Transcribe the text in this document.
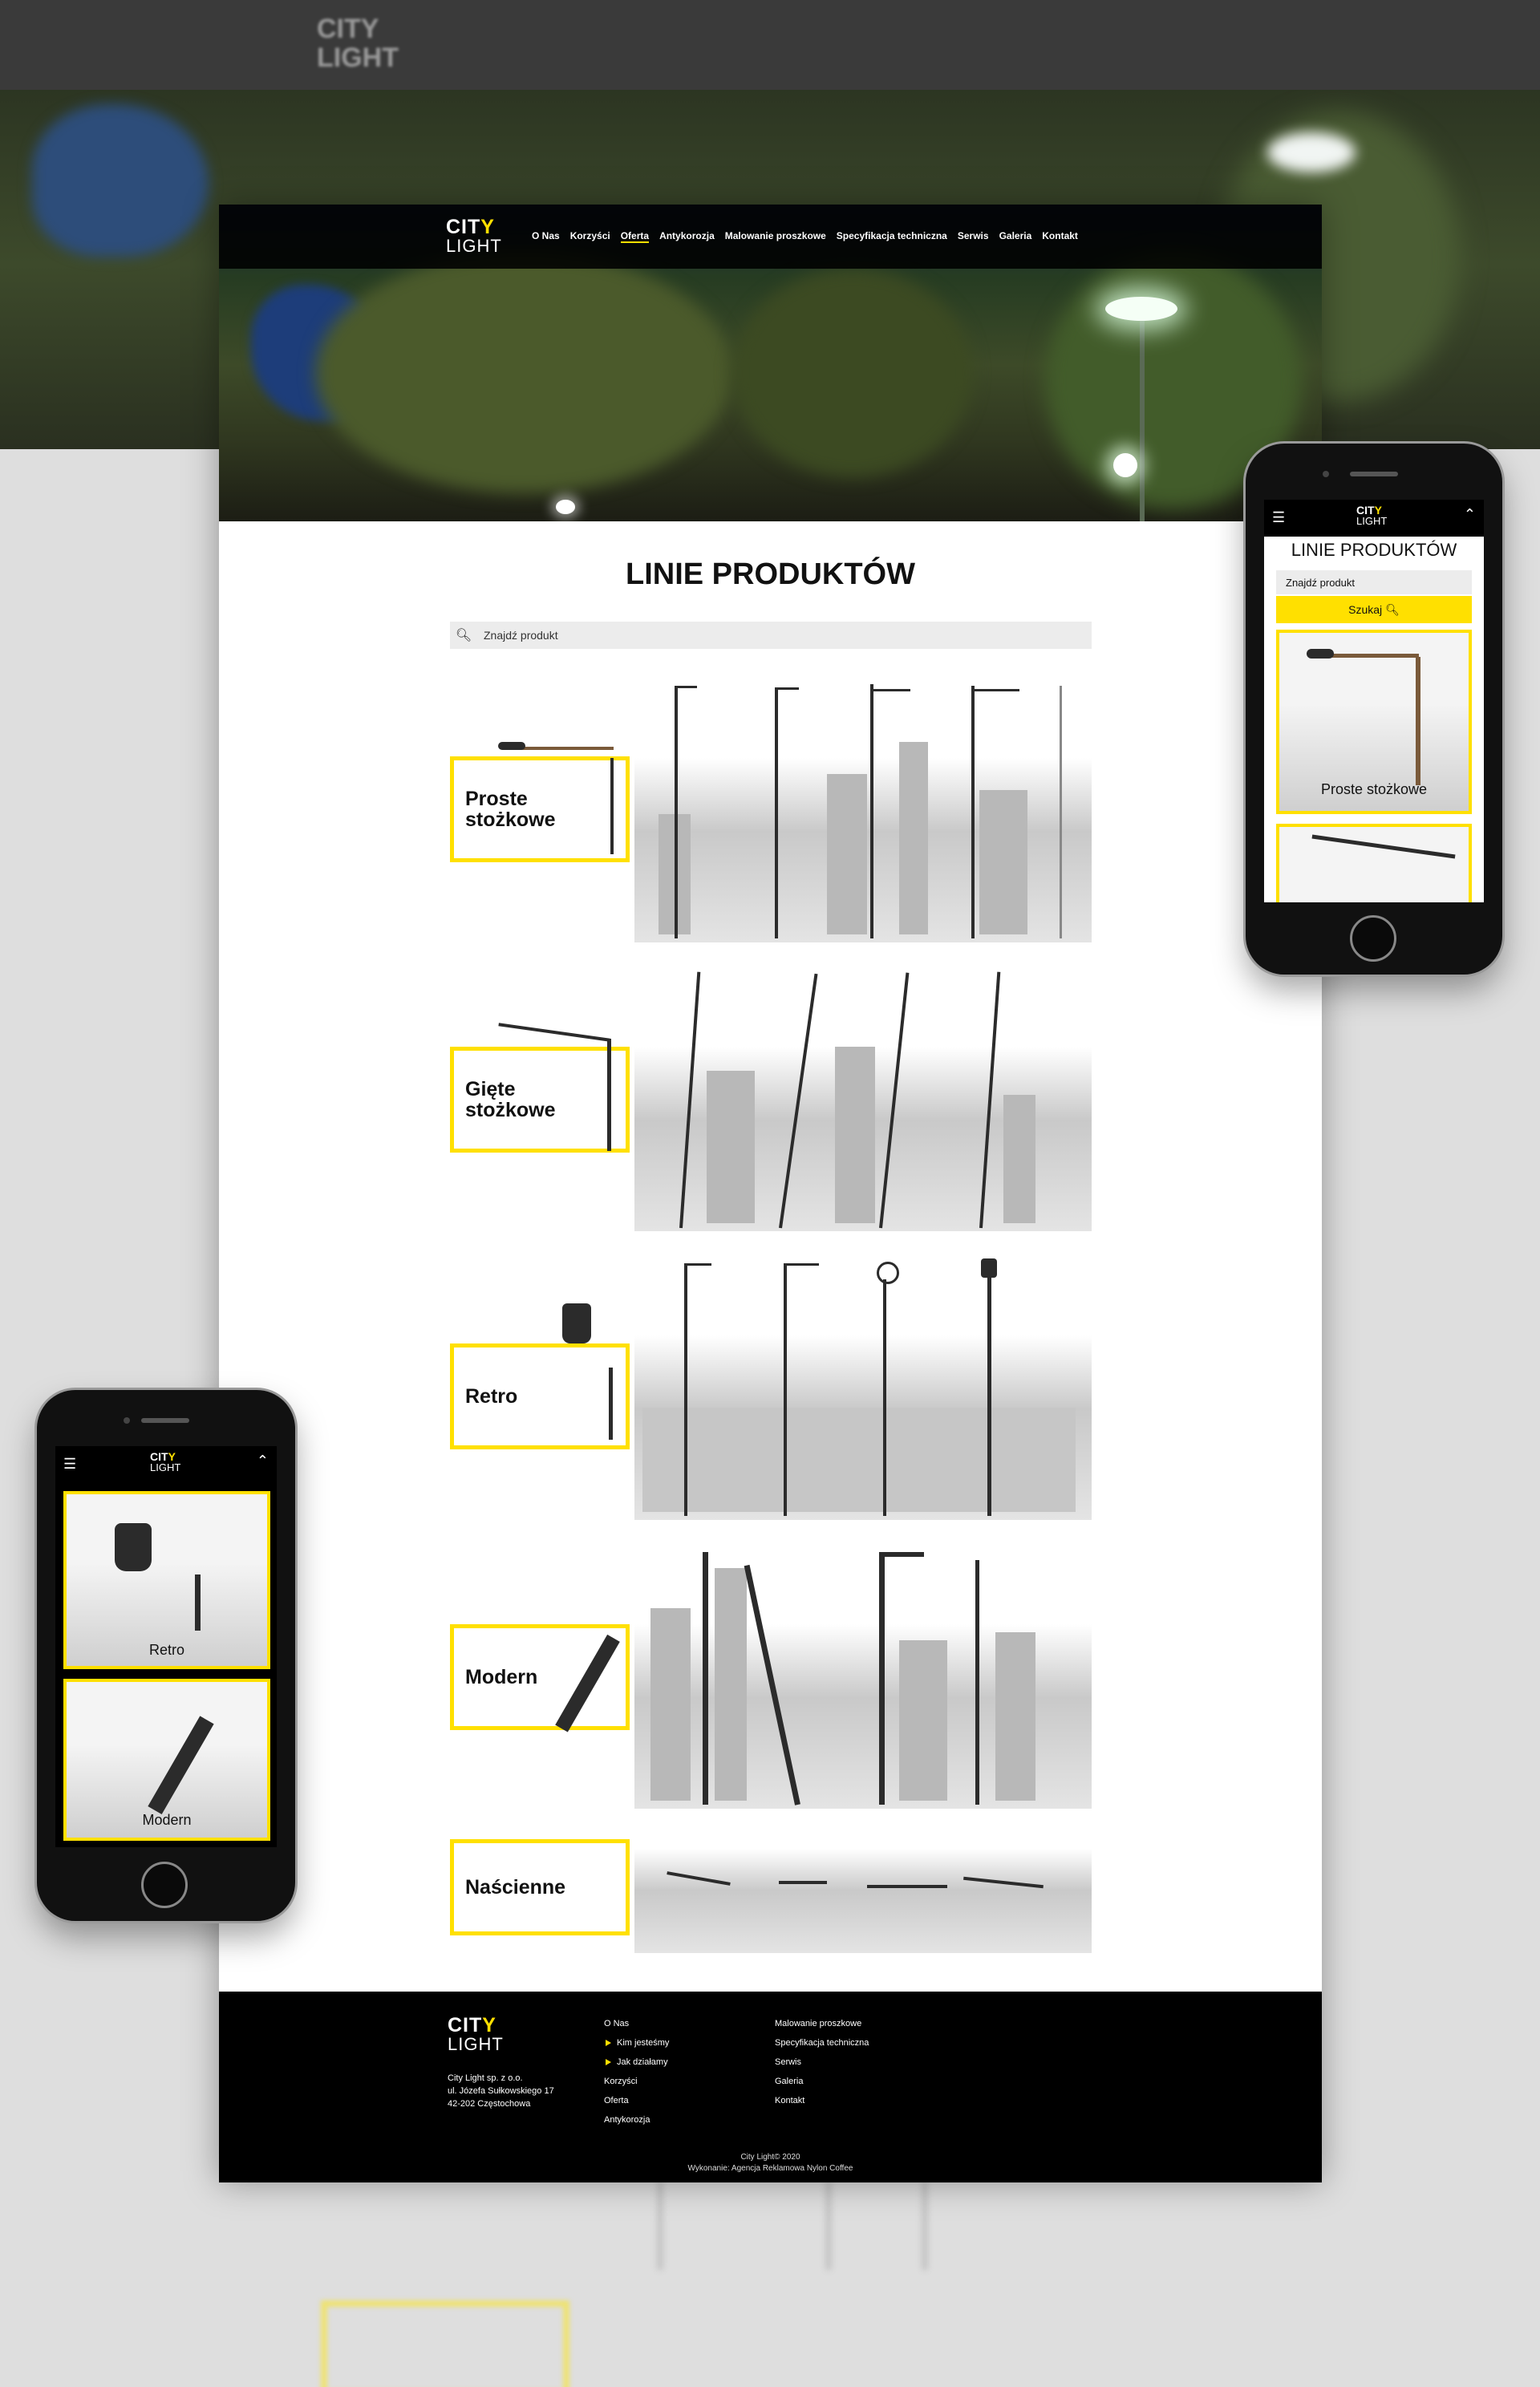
CITY
LIGHT
CITY
LIGHT	O Nas Korzyści Oferta Antykorozja Malowanie proszkowe Specyfikacja techniczna Serwis Galeria Kontakt
LINIE PRODUKTÓW
🔍︎
Znajdź produkt
Proste
stożkowe
Gięte
stożkowe
Retro
Modern
Naścienne
CITY
LIGHT
City Light sp. z o.o.
ul. Józefa Sułkowskiego 17
42-202 Częstochowa
O Nas
Kim jesteśmy
Jak działamy
Korzyści
Oferta
Antykorozja
Malowanie proszkowe
Specyfikacja techniczna
Serwis
Galeria
Kontakt
City Light© 2020
Wykonanie: Agencja Reklamowa Nylon Coffee
☰	CITY
LIGHT	⌃
LINIE PRODUKTÓW
Znajdź produkt
Szukaj 🔍︎
Proste stożkowe
☰	CITY
LIGHT	⌃
Retro
Modern
